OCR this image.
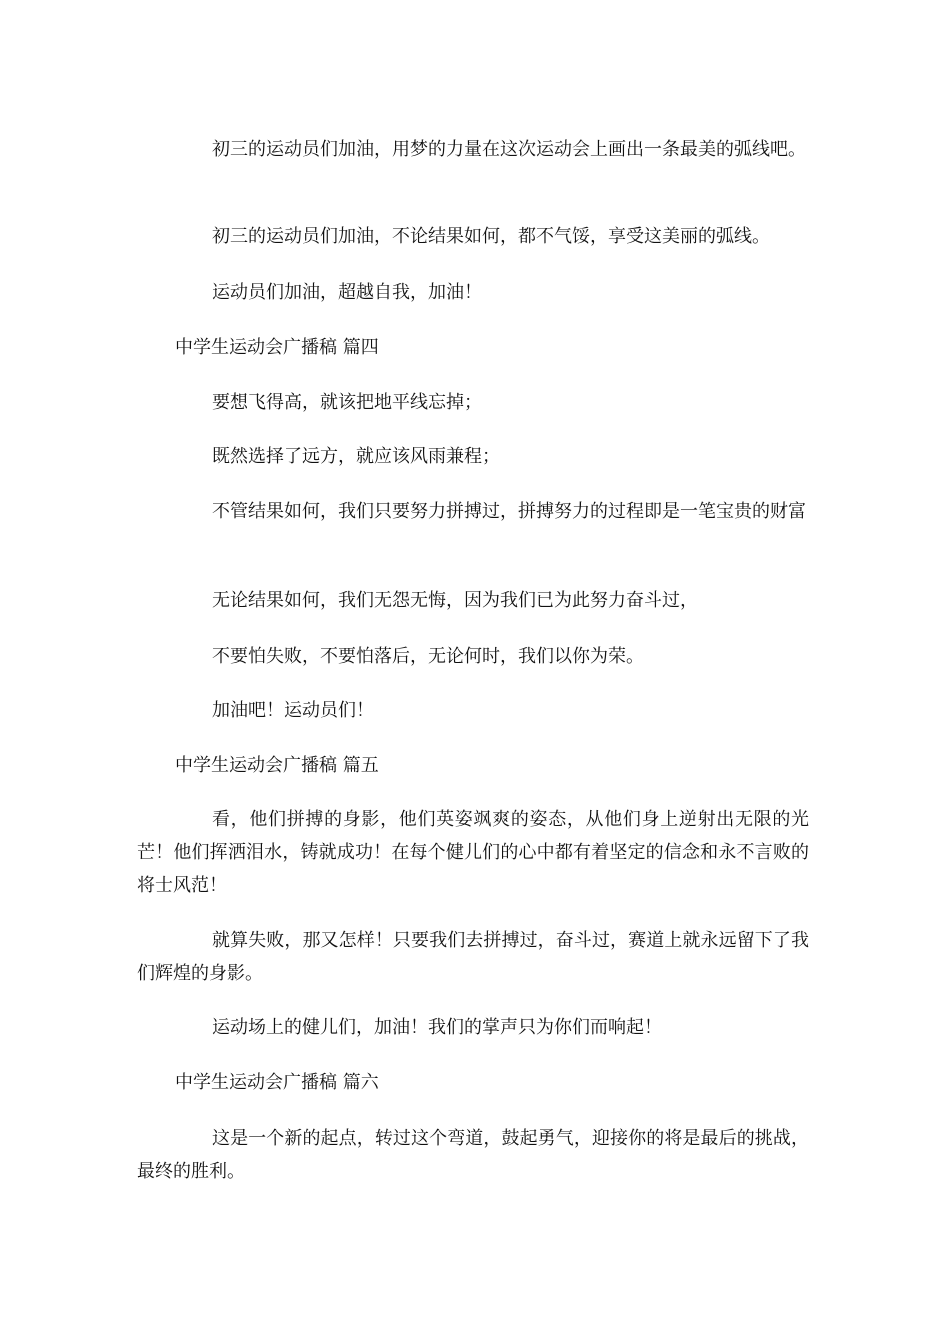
初三的运动员们加油，用梦的力量在这次运动会上画出一条最美的弧线吧。

初三的运动员们加油，不论结果如何，都不气馁，享受这美丽的弧线。

运动员们加油，超越自我，加油！

中学生运动会广播稿 篇四

要想飞得高，就该把地平线忘掉；

既然选择了远方，就应该风雨兼程；

不管结果如何，我们只要努力拼搏过，拼搏努力的过程即是一笔宝贵的财富

无论结果如何，我们无怨无悔，因为我们已为此努力奋斗过，

不要怕失败，不要怕落后，无论何时，我们以你为荣。

加油吧！运动员们！

中学生运动会广播稿 篇五

看，他们拼搏的身影，他们英姿飒爽的姿态，从他们身上逆射出无限的光芒！他们挥洒泪水，铸就成功！在每个健儿们的心中都有着坚定的信念和永不言败的将士风范！

就算失败，那又怎样！只要我们去拼搏过，奋斗过，赛道上就永远留下了我们辉煌的身影。

运动场上的健儿们，加油！我们的掌声只为你们而响起！

中学生运动会广播稿 篇六

这是一个新的起点，转过这个弯道，鼓起勇气，迎接你的将是最后的挑战，最终的胜利。
